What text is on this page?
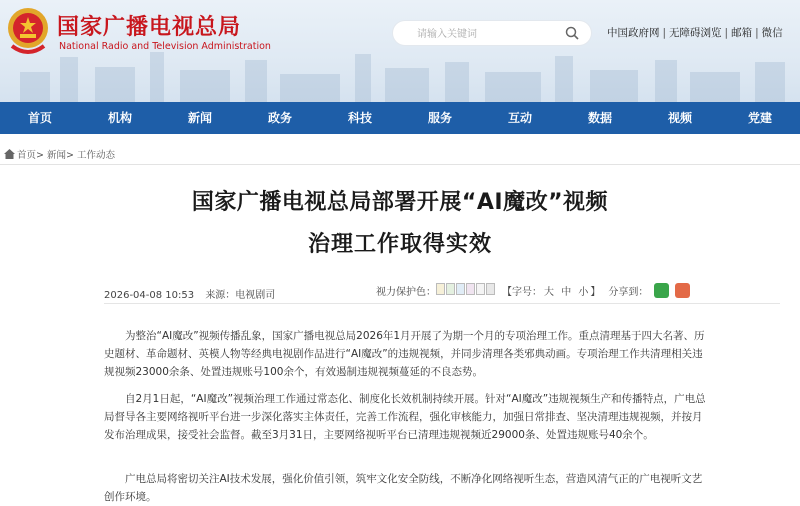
国家广播电视总局
National Radio and Television Administration
请输入关键词
中国政府网 | 无障碍浏览 | 邮箱 | 微信
首页	机构	新闻	政务	科技	服务	互动	数据	视频	党建
首页> 新闻> 工作动态
国家广播电视总局部署开展“AI魔改”视频
治理工作取得实效
2026-04-08 10:53 来源：电视剧司	视力保护色：	【字号： 大 中 小 】 分享到：
为整治“AI魔改”视频传播乱象，国家广播电视总局2026年1月开展了为期一个月的专项治理工作。重点清理基于四大名著、历史题材、革命题材、英模人物等经典电视剧作品进行“AI魔改”的违规视频，并同步清理各类邪典动画。专项治理工作共清理相关违规视频23000余条、处置违规账号100余个，有效遏制违规视频蔓延的不良态势。
自2月1日起，“AI魔改”视频治理工作通过常态化、制度化长效机制持续开展。针对“AI魔改”违规视频生产和传播特点，广电总局督导各主要网络视听平台进一步深化落实主体责任，完善工作流程，强化审核能力，加强日常排查、坚决清理违规视频，并按月发布治理成果，接受社会监督。截至3月31日，主要网络视听平台已清理违规视频近29000条、处置违规账号40余个。
广电总局将密切关注AI技术发展，强化价值引领，筑牢文化安全防线，不断净化网络视听生态，营造风清气正的广电视听文艺创作环境。
